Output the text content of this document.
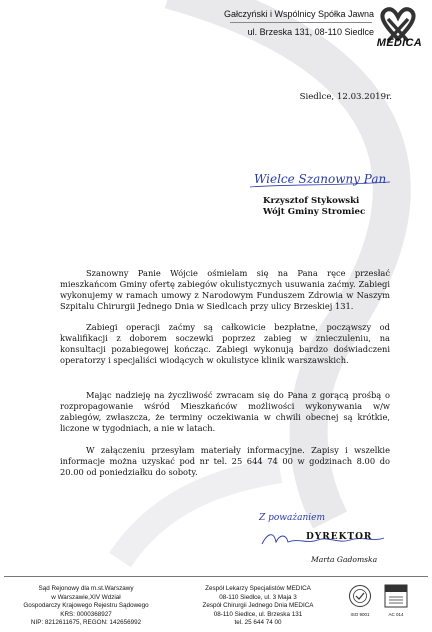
Gałczyński i Wspólnicy Spółka Jawna
ul. Brzeska 131, 08-110 Siedlce
MEDICA
Siedlce, 12.03.2019r.
Wielce Szanowny Pan
Krzysztof Stykowski
Wójt Gminy Stromiec
Szanowny Panie Wójcie ośmielam się na Pana ręce przesłać mieszkańcom Gminy ofertę zabiegów okulistycznych usuwania zaćmy. Zabiegi wykonujemy w ramach umowy z Narodowym Funduszem Zdrowia w Naszym Szpitalu Chirurgii Jednego Dnia w Siedlcach przy ulicy Brzeskiej 131.
Zabiegi operacji zaćmy są całkowicie bezpłatne, począwszy od kwalifikacji z doborem soczewki poprzez zabieg w znieczuleniu, na konsultacji pozabiegowej kończąc. Zabiegi wykonują bardzo doświadczeni operatorzy i specjaliści wiodących w okulistyce klinik warszawskich.
Mając nadzieję na życzliwość zwracam się do Pana z gorącą prośbą o rozpropagowanie wśród Mieszkańców możliwości wykonywania w/w zabiegów, zwłaszcza, że terminy oczekiwania w chwili obecnej są krótkie, liczone w tygodniach, a nie w latach.
W załączeniu przesyłam materiały informacyjne. Zapisy i wszelkie informacje można uzyskać pod nr tel. 25 644 74 00 w godzinach 8.00 do 20.00 od poniedziałku do soboty.
Z poważaniem
DYREKTOR
Marta Gadomska
Sąd Rejonowy dla m.st.Warszawy
w Warszawie,XIV Wdział
Gospodarczy Krajowego Rejestru Sądowego
KRS: 0000368927
NIP: 8212611675, REGON: 142656992
Zespół Lekarzy Specjalistów MEDICA
08-110 Siedlce, ul. 3 Maja 3
Zespół Chirurgii Jednego Dnia MEDICA
08-110 Siedlce, ul. Brzeska 131
tel. 25 644 74 00
ISO 9001	AC 014
